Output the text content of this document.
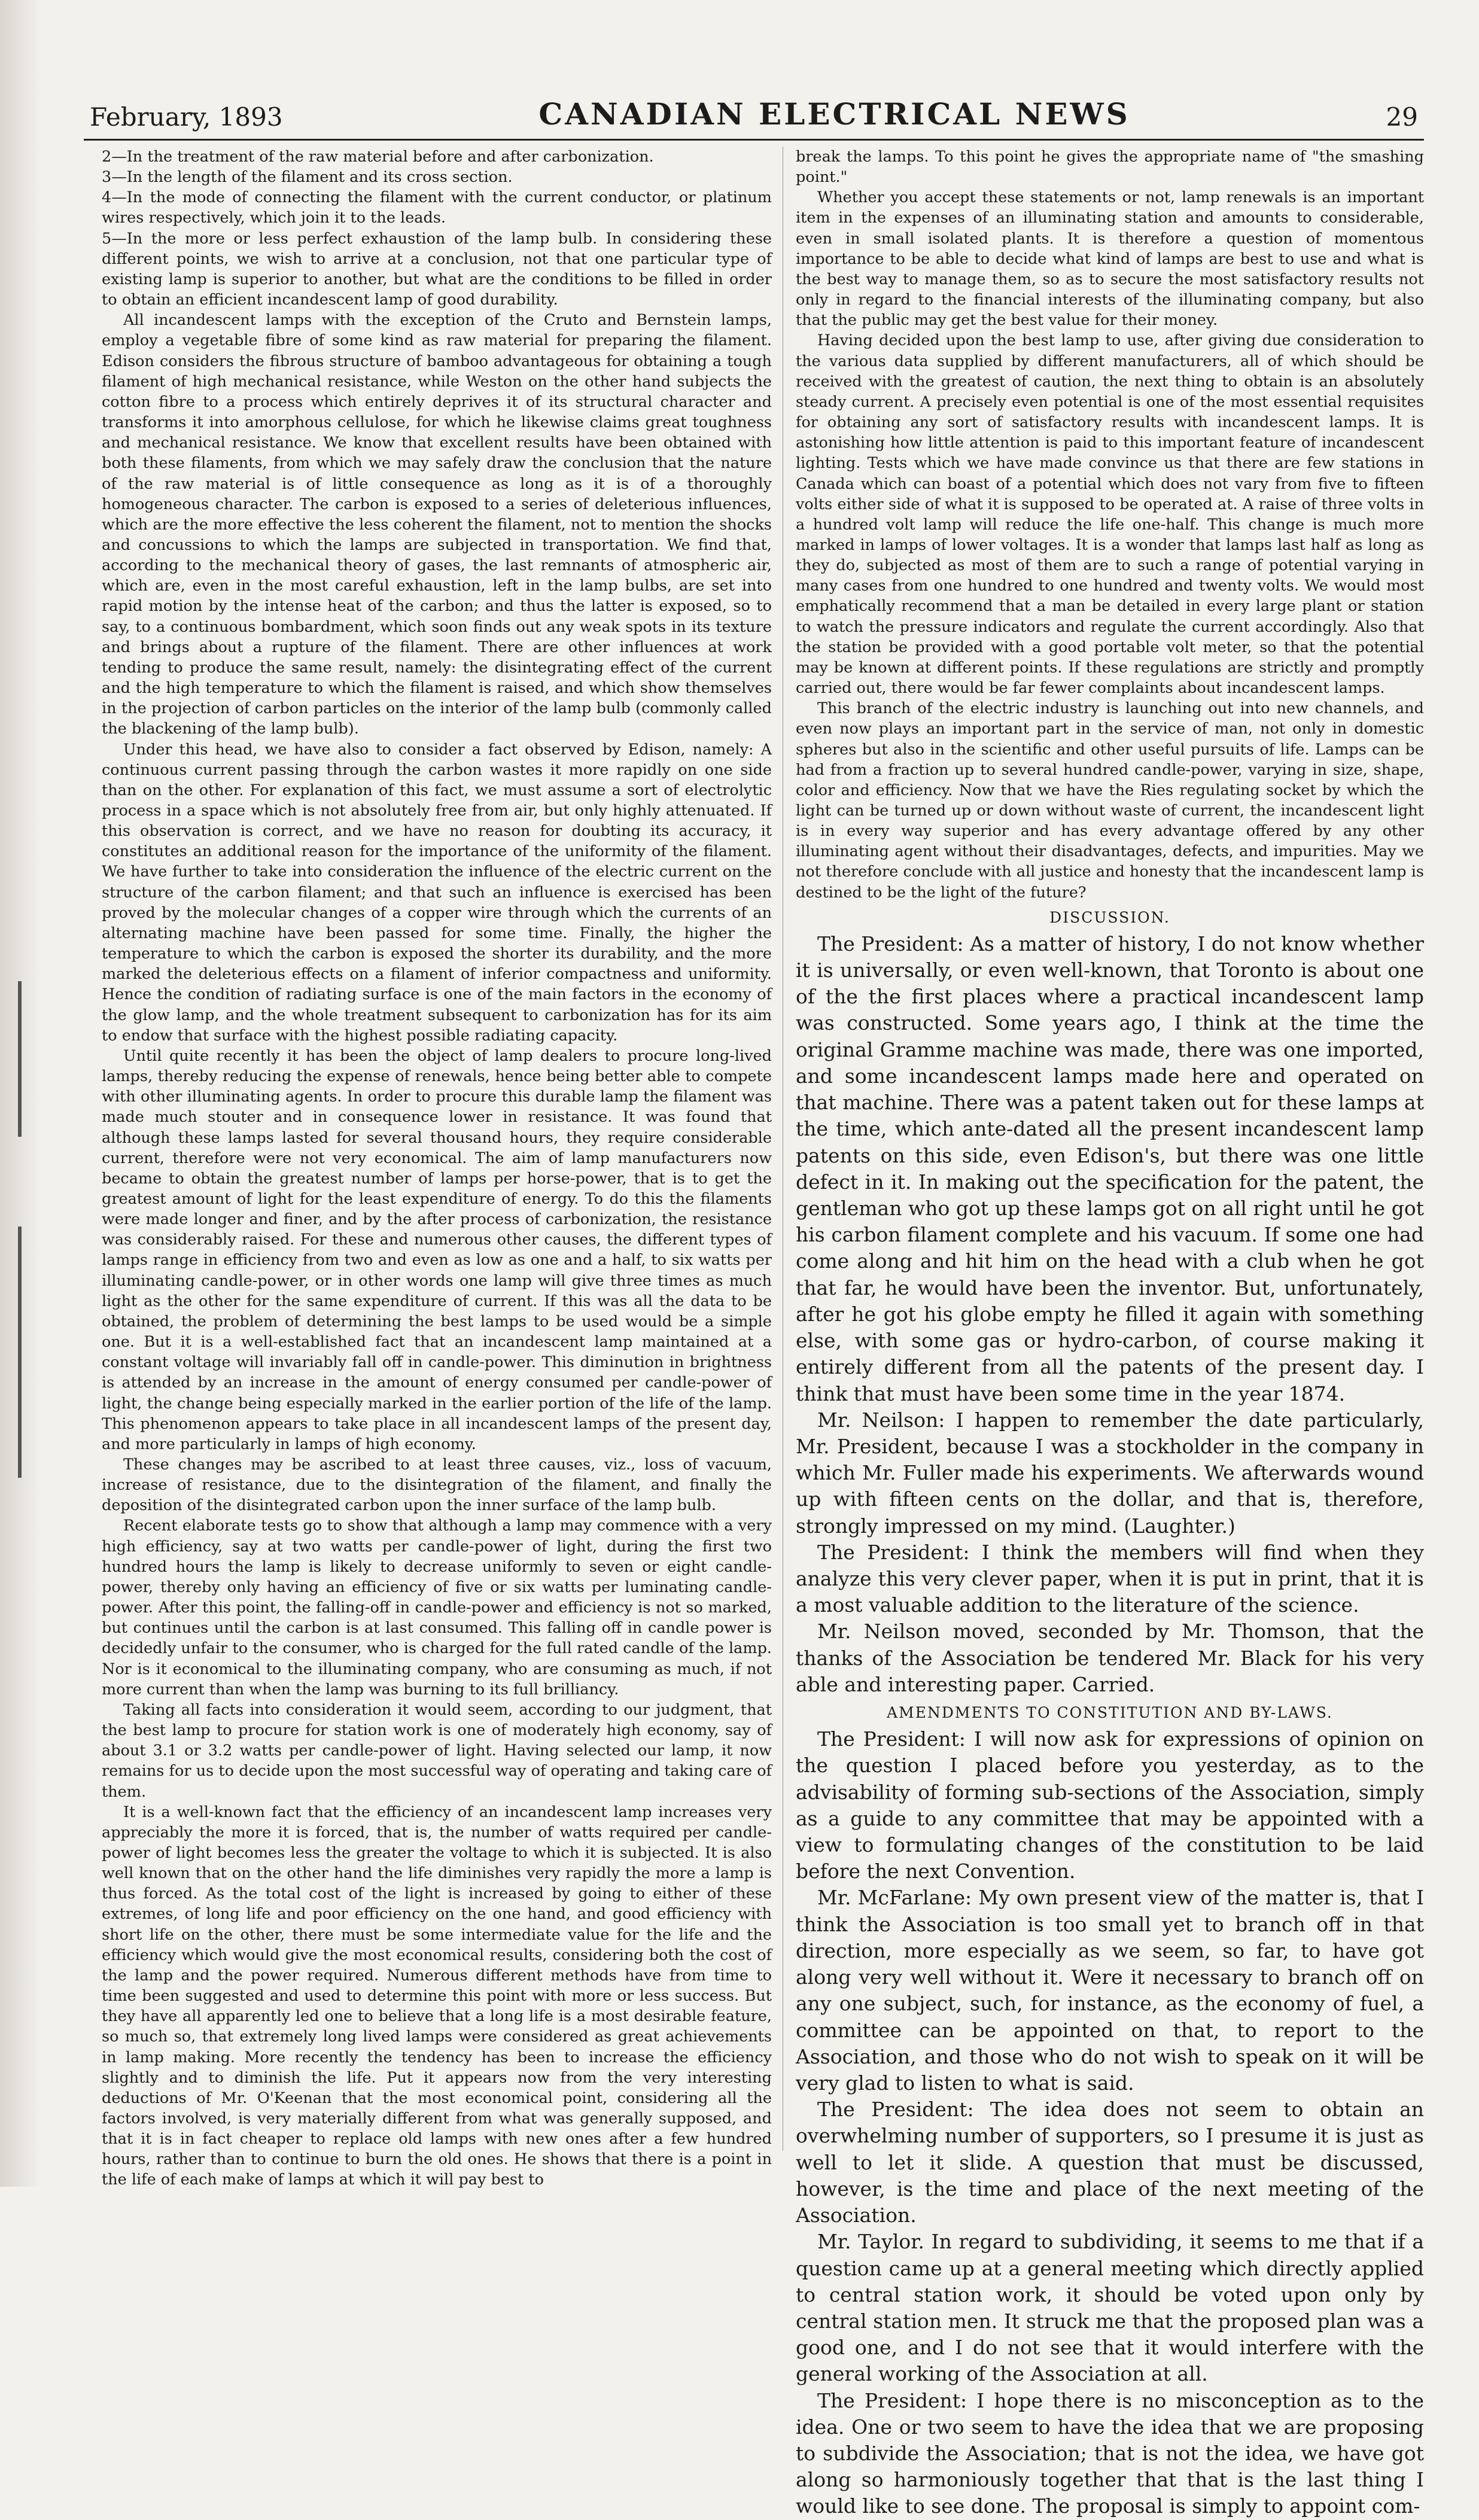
February, 1893	CANADIAN ELECTRICAL NEWS	29

2—In the treatment of the raw material before and after carbonization.

3—In the length of the filament and its cross section.

4—In the mode of connecting the filament with the current conductor, or platinum wires respectively, which join it to the leads.

5—In the more or less perfect exhaustion of the lamp bulb. In considering these different points, we wish to arrive at a conclusion, not that one particular type of existing lamp is superior to another, but what are the conditions to be filled in order to obtain an efficient incandescent lamp of good durability.

All incandescent lamps with the exception of the Cruto and Bernstein lamps, employ a vegetable fibre of some kind as raw material for preparing the filament. Edison considers the fibrous structure of bamboo advantageous for obtaining a tough filament of high mechanical resistance, while Weston on the other hand subjects the cotton fibre to a process which entirely deprives it of its structural character and transforms it into amorphous cellulose, for which he likewise claims great toughness and mechanical resistance. We know that excellent results have been obtained with both these filaments, from which we may safely draw the conclusion that the nature of the raw material is of little consequence as long as it is of a thoroughly homogeneous character. The carbon is exposed to a series of deleterious influences, which are the more effective the less coherent the filament, not to mention the shocks and concussions to which the lamps are subjected in transportation. We find that, according to the mechanical theory of gases, the last remnants of atmospheric air, which are, even in the most careful exhaustion, left in the lamp bulbs, are set into rapid motion by the intense heat of the carbon; and thus the latter is exposed, so to say, to a continuous bombardment, which soon finds out any weak spots in its texture and brings about a rupture of the filament. There are other influences at work tending to produce the same result, namely: the disintegrating effect of the current and the high temperature to which the filament is raised, and which show themselves in the projection of carbon particles on the interior of the lamp bulb (commonly called the blackening of the lamp bulb).

Under this head, we have also to consider a fact observed by Edison, namely: A continuous current passing through the carbon wastes it more rapidly on one side than on the other. For explanation of this fact, we must assume a sort of electrolytic process in a space which is not absolutely free from air, but only highly attenuated. If this observation is correct, and we have no reason for doubting its accuracy, it constitutes an additional reason for the importance of the uniformity of the filament. We have further to take into consideration the influence of the electric current on the structure of the carbon filament; and that such an influence is exercised has been proved by the molecular changes of a copper wire through which the currents of an alternating machine have been passed for some time. Finally, the higher the temperature to which the carbon is exposed the shorter its durability, and the more marked the deleterious effects on a filament of inferior compactness and uniformity. Hence the condition of radiating surface is one of the main factors in the economy of the glow lamp, and the whole treatment subsequent to carbonization has for its aim to endow that surface with the highest possible radiating capacity.

Until quite recently it has been the object of lamp dealers to procure long-lived lamps, thereby reducing the expense of renewals, hence being better able to compete with other illuminating agents. In order to procure this durable lamp the filament was made much stouter and in consequence lower in resistance. It was found that although these lamps lasted for several thousand hours, they require considerable current, therefore were not very economical. The aim of lamp manufacturers now became to obtain the greatest number of lamps per horse-power, that is to get the greatest amount of light for the least expenditure of energy. To do this the filaments were made longer and finer, and by the after process of carbonization, the resistance was considerably raised. For these and numerous other causes, the different types of lamps range in efficiency from two and even as low as one and a half, to six watts per illuminating candle-power, or in other words one lamp will give three times as much light as the other for the same expenditure of current. If this was all the data to be obtained, the problem of determining the best lamps to be used would be a simple one. But it is a well-established fact that an incandescent lamp maintained at a constant voltage will invariably fall off in candle-power. This diminution in brightness is attended by an increase in the amount of energy consumed per candle-power of light, the change being especially marked in the earlier portion of the life of the lamp. This phenomenon appears to take place in all incandescent lamps of the present day, and more particularly in lamps of high economy.

These changes may be ascribed to at least three causes, viz., loss of vacuum, increase of resistance, due to the disintegration of the filament, and finally the deposition of the disintegrated carbon upon the inner surface of the lamp bulb.

Recent elaborate tests go to show that although a lamp may commence with a very high efficiency, say at two watts per candle-power of light, during the first two hundred hours the lamp is likely to decrease uniformly to seven or eight candle-power, thereby only having an efficiency of five or six watts per luminating candle-power. After this point, the falling-off in candle-power and efficiency is not so marked, but continues until the carbon is at last consumed. This falling off in candle power is decidedly unfair to the consumer, who is charged for the full rated candle of the lamp. Nor is it economical to the illuminating company, who are consuming as much, if not more current than when the lamp was burning to its full brilliancy.

Taking all facts into consideration it would seem, according to our judgment, that the best lamp to procure for station work is one of moderately high economy, say of about 3.1 or 3.2 watts per candle-power of light. Having selected our lamp, it now remains for us to decide upon the most successful way of operating and taking care of them.

It is a well-known fact that the efficiency of an incandescent lamp increases very appreciably the more it is forced, that is, the number of watts required per candle-power of light becomes less the greater the voltage to which it is subjected. It is also well known that on the other hand the life diminishes very rapidly the more a lamp is thus forced. As the total cost of the light is increased by going to either of these extremes, of long life and poor efficiency on the one hand, and good efficiency with short life on the other, there must be some intermediate value for the life and the efficiency which would give the most economical results, considering both the cost of the lamp and the power required. Numerous different methods have from time to time been suggested and used to determine this point with more or less success. But they have all apparently led one to believe that a long life is a most desirable feature, so much so, that extremely long lived lamps were considered as great achievements in lamp making. More recently the tendency has been to increase the efficiency slightly and to diminish the life. Put it appears now from the very interesting deductions of Mr. O'Keenan that the most economical point, considering all the factors involved, is very materially different from what was generally supposed, and that it is in fact cheaper to replace old lamps with new ones after a few hundred hours, rather than to continue to burn the old ones. He shows that there is a point in the life of each make of lamps at which it will pay best to

break the lamps. To this point he gives the appropriate name of "the smashing point."

Whether you accept these statements or not, lamp renewals is an important item in the expenses of an illuminating station and amounts to considerable, even in small isolated plants. It is therefore a question of momentous importance to be able to decide what kind of lamps are best to use and what is the best way to manage them, so as to secure the most satisfactory results not only in regard to the financial interests of the illuminating company, but also that the public may get the best value for their money.

Having decided upon the best lamp to use, after giving due consideration to the various data supplied by different manufacturers, all of which should be received with the greatest of caution, the next thing to obtain is an absolutely steady current. A precisely even potential is one of the most essential requisites for obtaining any sort of satisfactory results with incandescent lamps. It is astonishing how little attention is paid to this important feature of incandescent lighting. Tests which we have made convince us that there are few stations in Canada which can boast of a potential which does not vary from five to fifteen volts either side of what it is supposed to be operated at. A raise of three volts in a hundred volt lamp will reduce the life one-half. This change is much more marked in lamps of lower voltages. It is a wonder that lamps last half as long as they do, subjected as most of them are to such a range of potential varying in many cases from one hundred to one hundred and twenty volts. We would most emphatically recommend that a man be detailed in every large plant or station to watch the pressure indicators and regulate the current accordingly. Also that the station be provided with a good portable volt meter, so that the potential may be known at different points. If these regulations are strictly and promptly carried out, there would be far fewer complaints about incandescent lamps.

This branch of the electric industry is launching out into new channels, and even now plays an important part in the service of man, not only in domestic spheres but also in the scientific and other useful pursuits of life. Lamps can be had from a fraction up to several hundred candle-power, varying in size, shape, color and efficiency. Now that we have the Ries regulating socket by which the light can be turned up or down without waste of current, the incandescent light is in every way superior and has every advantage offered by any other illuminating agent without their disadvantages, defects, and impurities. May we not therefore conclude with all justice and honesty that the incandescent lamp is destined to be the light of the future?

DISCUSSION.

The President: As a matter of history, I do not know whether it is universally, or even well-known, that Toronto is about one of the the first places where a practical incandescent lamp was constructed. Some years ago, I think at the time the original Gramme machine was made, there was one imported, and some incandescent lamps made here and operated on that machine. There was a patent taken out for these lamps at the time, which ante-dated all the present incandescent lamp patents on this side, even Edison's, but there was one little defect in it. In making out the specification for the patent, the gentleman who got up these lamps got on all right until he got his carbon filament complete and his vacuum. If some one had come along and hit him on the head with a club when he got that far, he would have been the inventor. But, unfortunately, after he got his globe empty he filled it again with something else, with some gas or hydro-carbon, of course making it entirely different from all the patents of the present day. I think that must have been some time in the year 1874.

Mr. Neilson: I happen to remember the date particularly, Mr. President, because I was a stockholder in the company in which Mr. Fuller made his experiments. We afterwards wound up with fifteen cents on the dollar, and that is, therefore, strongly impressed on my mind. (Laughter.)

The President: I think the members will find when they analyze this very clever paper, when it is put in print, that it is a most valuable addition to the literature of the science.

Mr. Neilson moved, seconded by Mr. Thomson, that the thanks of the Association be tendered Mr. Black for his very able and interesting paper. Carried.

AMENDMENTS TO CONSTITUTION AND BY-LAWS.

The President: I will now ask for expressions of opinion on the question I placed before you yesterday, as to the advisability of forming sub-sections of the Association, simply as a guide to any committee that may be appointed with a view to formulating changes of the constitution to be laid before the next Convention.

Mr. McFarlane: My own present view of the matter is, that I think the Association is too small yet to branch off in that direction, more especially as we seem, so far, to have got along very well without it. Were it necessary to branch off on any one subject, such, for instance, as the economy of fuel, a committee can be appointed on that, to report to the Association, and those who do not wish to speak on it will be very glad to listen to what is said.

The President: The idea does not seem to obtain an overwhelming number of supporters, so I presume it is just as well to let it slide. A question that must be discussed, however, is the time and place of the next meeting of the Association.

Mr. Taylor. In regard to subdividing, it seems to me that if a question came up at a general meeting which directly applied to central station work, it should be voted upon only by central station men. It struck me that the proposed plan was a good one, and I do not see that it would interfere with the general working of the Association at all.

The President: I hope there is no misconception as to the idea. One or two seem to have the idea that we are proposing to subdivide the Association; that is not the idea, we have got along so harmoniously together that that is the last thing I would like to see done. The proposal is simply to appoint com-
